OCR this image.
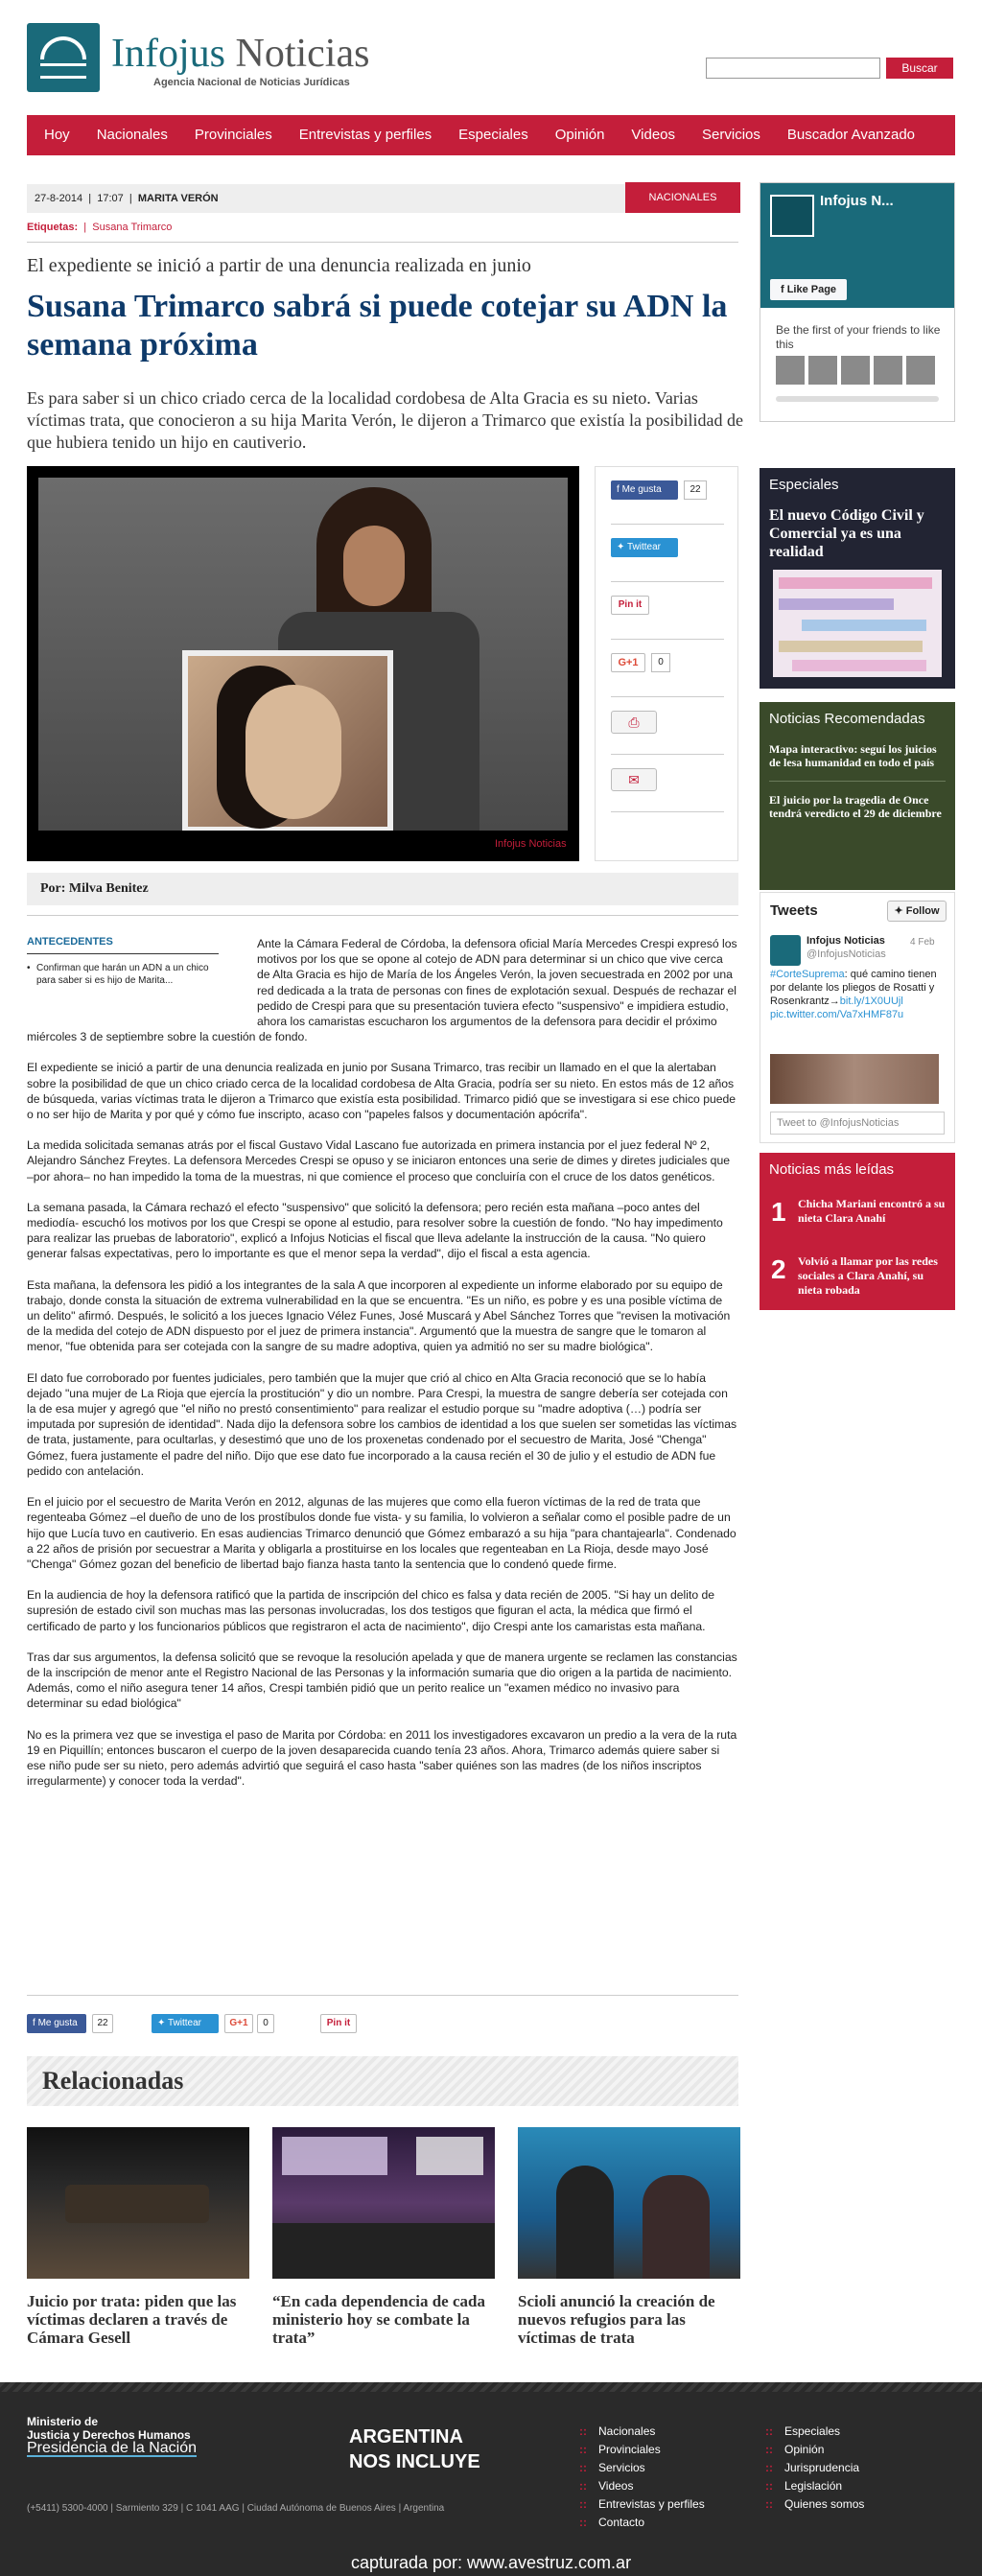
Infojus Noticias
Agencia Nacional de Noticias Jurídicas
Buscar
Hoy	Nacionales	Provinciales	Entrevistas y perfiles	Especiales	Opinión	Videos	Servicios	Buscador Avanzado
27-8-2014  |  17:07  |  MARITA VERÓN	NACIONALES
Etiquetas:  |  Susana Trimarco
El expediente se inició a partir de una denuncia realizada en junio
Susana Trimarco sabrá si puede cotejar su ADN la semana próxima
Es para saber si un chico criado cerca de la localidad cordobesa de Alta Gracia es su nieto. Varias víctimas trata, que conocieron a su hija Marita Verón, le dijeron a Trimarco que existía la posibilidad de que hubiera tenido un hijo en cautiverio.
Infojus Noticias
f Me gusta	22
✦ Twittear
Pin it
G+1	0
⎙
✉
Por: Milva Benitez

Ante la Cámara Federal de Córdoba, la defensora oficial María Mercedes Crespi expresó los motivos por los que se opone al cotejo de ADN para determinar si un chico que vive cerca de Alta Gracia es hijo de María de los Ángeles Verón, la joven secuestrada en 2002 por una red dedicada a la trata de personas con fines de explotación sexual. Después de rechazar el pedido de Crespi para que su presentación tuviera efecto "suspensivo" e impidiera estudio, ahora los camaristas escucharon los argumentos de la defensora para decidir el próximo miércoles 3 de septiembre sobre la cuestión de fondo.

El expediente se inició a partir de una denuncia realizada en junio por Susana Trimarco, tras recibir un llamado en el que la alertaban sobre la posibilidad de que un chico criado cerca de la localidad cordobesa de Alta Gracia, podría ser su nieto. En estos más de 12 años de búsqueda, varias víctimas trata le dijeron a Trimarco que existía esta posibilidad. Trimarco pidió que se investigara si ese chico puede o no ser hijo de Marita y por qué y cómo fue inscripto, acaso con "papeles falsos y documentación apócrifa".

La medida solicitada semanas atrás por el fiscal Gustavo Vidal Lascano fue autorizada en primera instancia por el juez federal Nº 2, Alejandro Sánchez Freytes. La defensora Mercedes Crespi se opuso y se iniciaron entonces una serie de dimes y diretes judiciales que –por ahora– no han impedido la toma de la muestras, ni que comience el proceso que concluiría con el cruce de los datos genéticos.

La semana pasada, la Cámara rechazó el efecto "suspensivo" que solicitó la defensora; pero recién esta mañana –poco antes del mediodía- escuchó los motivos por los que Crespi se opone al estudio, para resolver sobre la cuestión de fondo. "No hay impedimento para realizar las pruebas de laboratorio", explicó a Infojus Noticias el fiscal que lleva adelante la instrucción de la causa. "No quiero generar falsas expectativas, pero lo importante es que el menor sepa la verdad", dijo el fiscal a esta agencia.

Esta mañana, la defensora les pidió a los integrantes de la sala A que incorporen al expediente un informe elaborado por su equipo de trabajo, donde consta la situación de extrema vulnerabilidad en la que se encuentra. "Es un niño, es pobre y es una posible víctima de un delito" afirmó. Después, le solicitó a los jueces Ignacio Vélez Funes, José Muscará y Abel Sánchez Torres que "revisen la motivación de la medida del cotejo de ADN dispuesto por el juez de primera instancia". Argumentó que la muestra de sangre que le tomaron al menor, "fue obtenida para ser cotejada con la sangre de su madre adoptiva, quien ya admitió no ser su madre biológica".

El dato fue corroborado por fuentes judiciales, pero también que la mujer que crió al chico en Alta Gracia reconoció que se lo había dejado "una mujer de La Rioja que ejercía la prostitución" y dio un nombre. Para Crespi, la muestra de sangre debería ser cotejada con la de esa mujer y agregó que "el niño no prestó consentimiento" para realizar el estudio porque su "madre adoptiva (…) podría ser imputada por supresión de identidad". Nada dijo la defensora sobre los cambios de identidad a los que suelen ser sometidas las víctimas de trata, justamente, para ocultarlas, y desestimó que uno de los proxenetas condenado por el secuestro de Marita, José "Chenga" Gómez, fuera justamente el padre del niño. Dijo que ese dato fue incorporado a la causa recién el 30 de julio y el estudio de ADN fue pedido con antelación.

En el juicio por el secuestro de Marita Verón en 2012, algunas de las mujeres que como ella fueron víctimas de la red de trata que regenteaba Gómez –el dueño de uno de los prostíbulos donde fue vista- y su familia, lo volvieron a señalar como el posible padre de un hijo que Lucía tuvo en cautiverio. En esas audiencias Trimarco denunció que Gómez embarazó a su hija "para chantajearla". Condenado a 22 años de prisión por secuestrar a Marita y obligarla a prostituirse en los locales que regenteaban en La Rioja, desde mayo José "Chenga" Gómez gozan del beneficio de libertad bajo fianza hasta tanto la sentencia que lo condenó quede firme.

En la audiencia de hoy la defensora ratificó que la partida de inscripción del chico es falsa y data recién de 2005. "Si hay un delito de supresión de estado civil son muchas mas las personas involucradas, los dos testigos que figuran el acta, la médica que firmó el certificado de parto y los funcionarios públicos que registraron el acta de nacimiento", dijo Crespi ante los camaristas esta mañana.

Tras dar sus argumentos, la defensa solicitó que se revoque la resolución apelada y que de manera urgente se reclamen las constancias de la inscripción de menor ante el Registro Nacional de las Personas y la información sumaria que dio origen a la partida de nacimiento. Además, como el niño asegura tener 14 años, Crespi también pidió que un perito realice un "examen médico no invasivo para determinar su edad biológica"

No es la primera vez que se investiga el paso de Marita por Córdoba: en 2011 los investigadores excavaron un predio a la vera de la ruta 19 en Piquillín; entonces buscaron el cuerpo de la joven desaparecida cuando tenía 23 años. Ahora, Trimarco además quiere saber si ese niño pude ser su nieto, pero además advirtió que seguirá el caso hasta "saber quiénes son las madres (de los niños inscriptos irregularmente) y conocer toda la verdad".

ANTECEDENTES
• Confirman que harán un ADN a un chico para saber si es hijo de Marita...
f Me gusta	22	✦ Twittear	G+1	0	Pin it
Relacionadas
Juicio por trata: piden que las víctimas declaren a través de Cámara Gesell
“En cada dependencia de cada ministerio hoy se combate la trata”
Scioli anunció la creación de nuevos refugios para las víctimas de trata
Infojus N...
f Like Page
Be the first of your friends to like this
Especiales
El nuevo Código Civil y Comercial ya es una realidad
Noticias Recomendadas
Mapa interactivo: seguí los juicios de lesa humanidad en todo el país
El juicio por la tragedia de Once tendrá veredicto el 29 de diciembre
Tweets	✦ Follow
Infojus Noticias
@InfojusNoticias
4 Feb
#CorteSuprema: qué camino tienen por delante los pliegos de Rosatti y Rosenkrantz→bit.ly/1X0UUjl pic.twitter.com/Va7xHMF87u
Tweet to @InfojusNoticias
Noticias más leídas
1 Chicha Mariani encontró a su nieta Clara Anahí
2 Volvió a llamar por las redes sociales a Clara Anahí, su nieta robada
Ministerio de
Justicia y Derechos Humanos
Presidencia de la Nación
ARGENTINA
NOS INCLUYE
(+5411) 5300-4000 | Sarmiento 329 | C 1041 AAG | Ciudad Autónoma de Buenos Aires | Argentina
:: Nacionales
:: Provinciales
:: Servicios
:: Videos
:: Entrevistas y perfiles
:: Contacto
:: Especiales
:: Opinión
:: Jurisprudencia
:: Legislación
:: Quienes somos
capturada por: www.avestruz.com.ar
